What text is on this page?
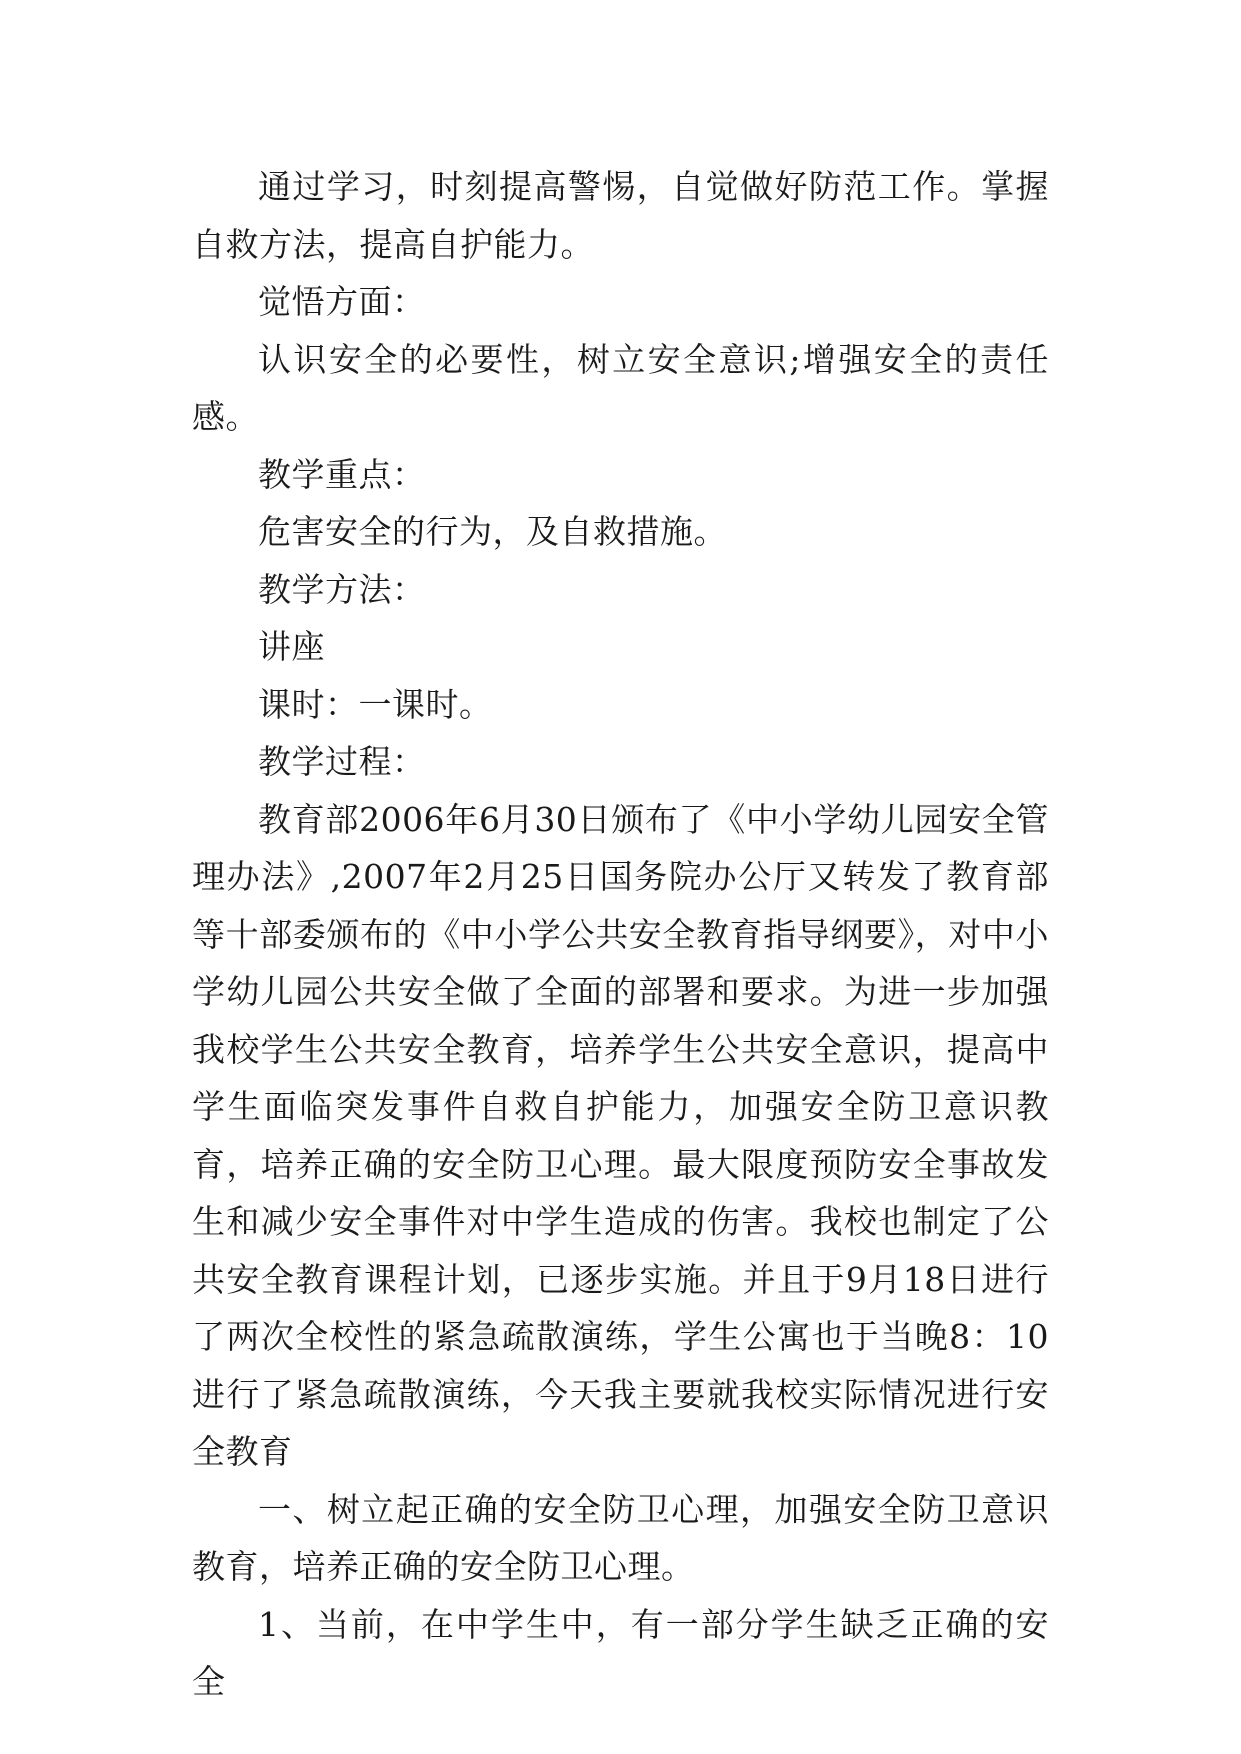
通过学习，时刻提高警惕，自觉做好防范工作。掌握自救方法，提高自护能力。

觉悟方面：

认识安全的必要性，树立安全意识;增强安全的责任感。

教学重点：

危害安全的行为，及自救措施。

教学方法：

讲座

课时：一课时。

教学过程：

教育部2006年6月30日颁布了《中小学幼儿园安全管理办法》,2007年2月25日国务院办公厅又转发了教育部等十部委颁布的《中小学公共安全教育指导纲要》，对中小学幼儿园公共安全做了全面的部署和要求。为进一步加强我校学生公共安全教育，培养学生公共安全意识，提高中学生面临突发事件自救自护能力，加强安全防卫意识教育，培养正确的安全防卫心理。最大限度预防安全事故发生和减少安全事件对中学生造成的伤害。我校也制定了公共安全教育课程计划，已逐步实施。并且于9月18日进行了两次全校性的紧急疏散演练，学生公寓也于当晚8：10进行了紧急疏散演练，今天我主要就我校实际情况进行安全教育

一、树立起正确的安全防卫心理，加强安全防卫意识教育，培养正确的安全防卫心理。

1、当前，在中学生中，有一部分学生缺乏正确的安全
